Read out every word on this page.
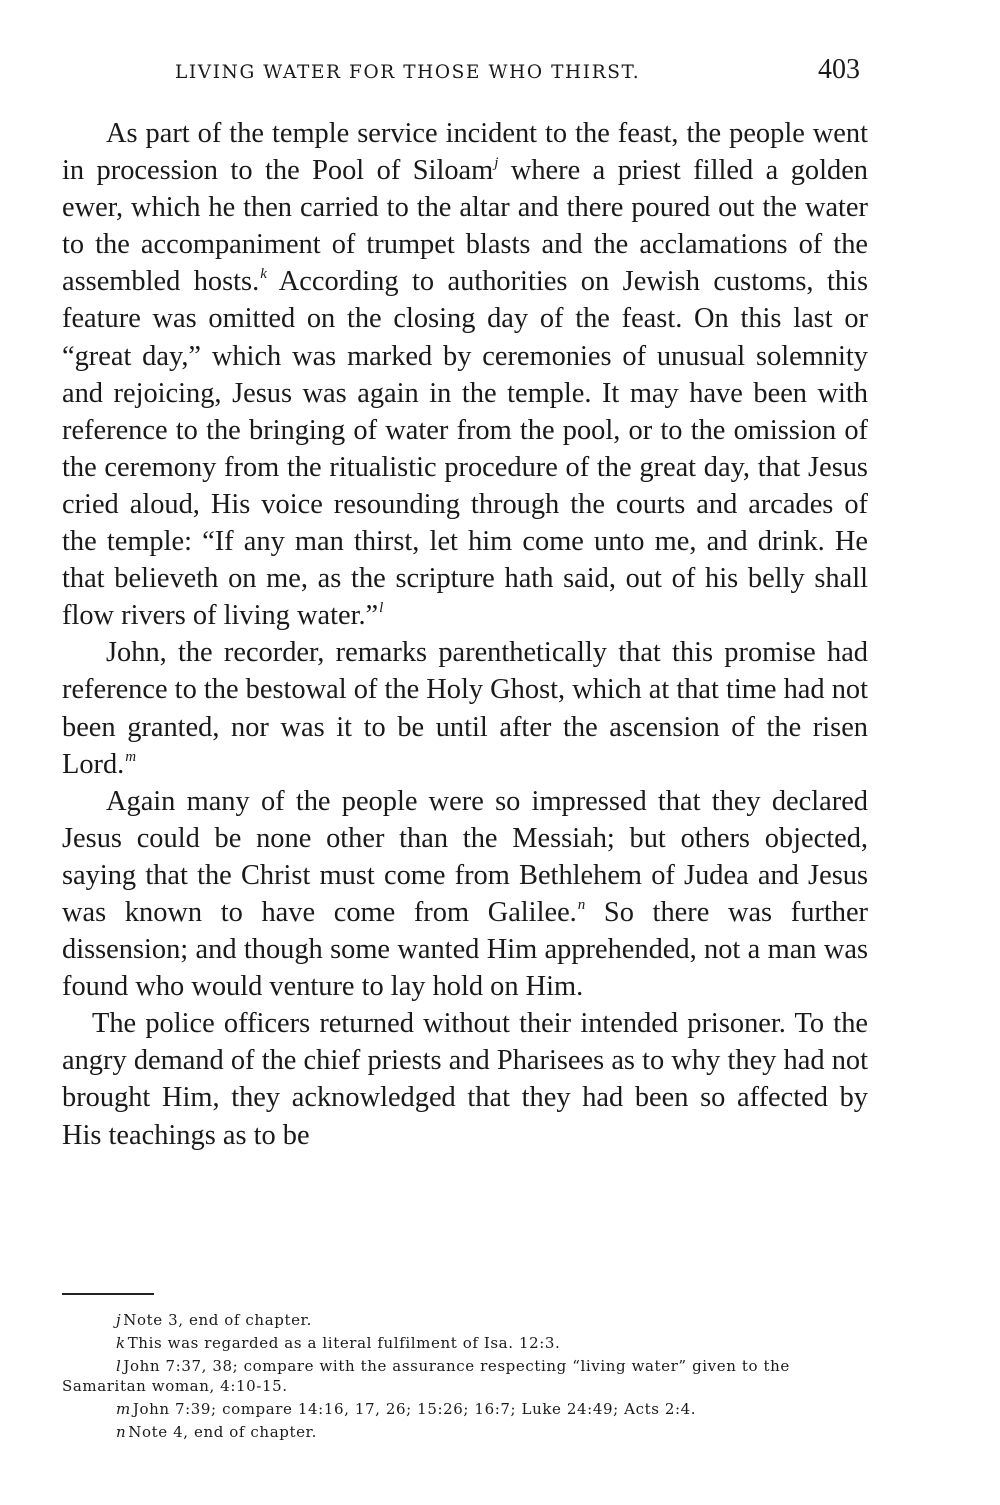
LIVING WATER FOR THOSE WHO THIRST.	403

As part of the temple service incident to the feast, the people went in procession to the Pool of Siloam$^j$ where a priest filled a golden ewer, which he then carried to the altar and there poured out the water to the accompaniment of trumpet blasts and the acclamations of the assembled hosts.$^k$ According to authorities on Jewish customs, this feature was omitted on the closing day of the feast. On this last or “great day,” which was marked by ceremonies of unusual solemnity and rejoicing, Jesus was again in the temple. It may have been with reference to the bringing of water from the pool, or to the omission of the ceremony from the ritualistic procedure of the great day, that Jesus cried aloud, His voice resounding through the courts and arcades of the temple: “If any man thirst, let him come unto me, and drink. He that believeth on me, as the scripture hath said, out of his belly shall flow rivers of living water.”$^l$

John, the recorder, remarks parenthetically that this promise had reference to the bestowal of the Holy Ghost, which at that time had not been granted, nor was it to be until after the ascension of the risen Lord.$^m$

Again many of the people were so impressed that they declared Jesus could be none other than the Messiah; but others objected, saying that the Christ must come from Bethlehem of Judea and Jesus was known to have come from Galilee.$^n$ So there was further dissension; and though some wanted Him apprehended, not a man was found who would venture to lay hold on Him.

The police officers returned without their intended prisoner. To the angry demand of the chief priests and Pharisees as to why they had not brought Him, they acknowledged that they had been so affected by His teachings as to be

j Note 3, end of chapter.

k This was regarded as a literal fulfilment of Isa. 12:3.

l John 7:37, 38; compare with the assurance respecting “living water” given to the Samaritan woman, 4:10-15.

m John 7:39; compare 14:16, 17, 26; 15:26; 16:7; Luke 24:49; Acts 2:4.

n Note 4, end of chapter.
